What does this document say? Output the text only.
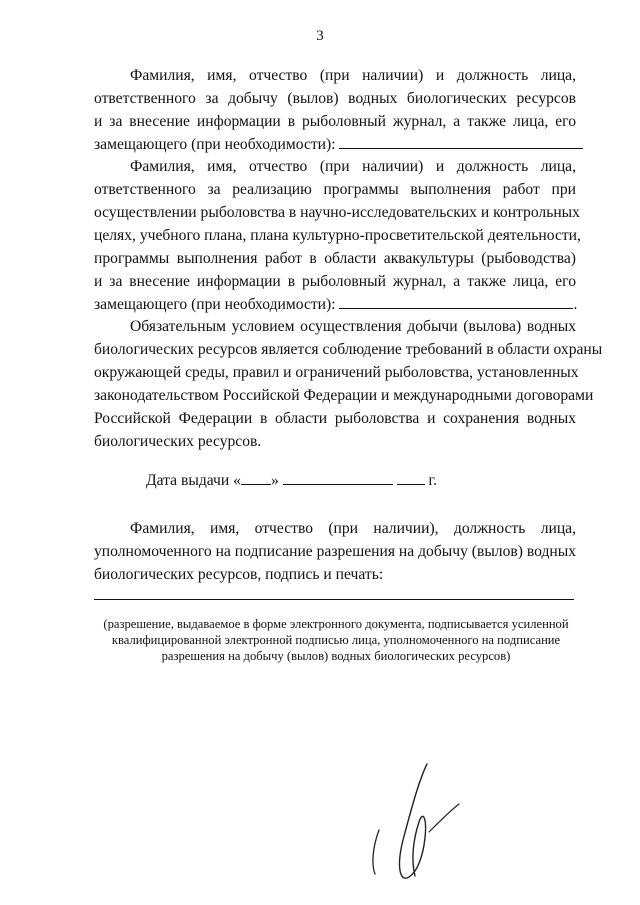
3
Фамилия, имя, отчество (при наличии) и должность лица,
ответственного за добычу (вылов) водных биологических ресурсов
и за внесение информации в рыболовный журнал, а также лица, его
замещающего (при необходимости):
Фамилия, имя, отчество (при наличии) и должность лица,
ответственного за реализацию программы выполнения работ при
осуществлении рыболовства в научно-исследовательских и контрольных
целях, учебного плана, плана культурно-просветительской деятельности,
программы выполнения работ в области аквакультуры (рыбоводства)
и за внесение информации в рыболовный журнал, а также лица, его
замещающего (при необходимости):	.
Обязательным условием осуществления добычи (вылова) водных
биологических ресурсов является соблюдение требований в области охраны
окружающей среды, правил и ограничений рыболовства, установленных
законодательством Российской Федерации и международными договорами
Российской Федерации в области рыболовства и сохранения водных
биологических ресурсов.
Дата выдачи « »	г.
Фамилия, имя, отчество (при наличии), должность лица,
уполномоченного на подписание разрешения на добычу (вылов) водных
биологических ресурсов, подпись и печать:
(разрешение, выдаваемое в форме электронного документа, подписывается усиленной
квалифицированной электронной подписью лица, уполномоченного на подписание
разрешения на добычу (вылов) водных биологических ресурсов)
